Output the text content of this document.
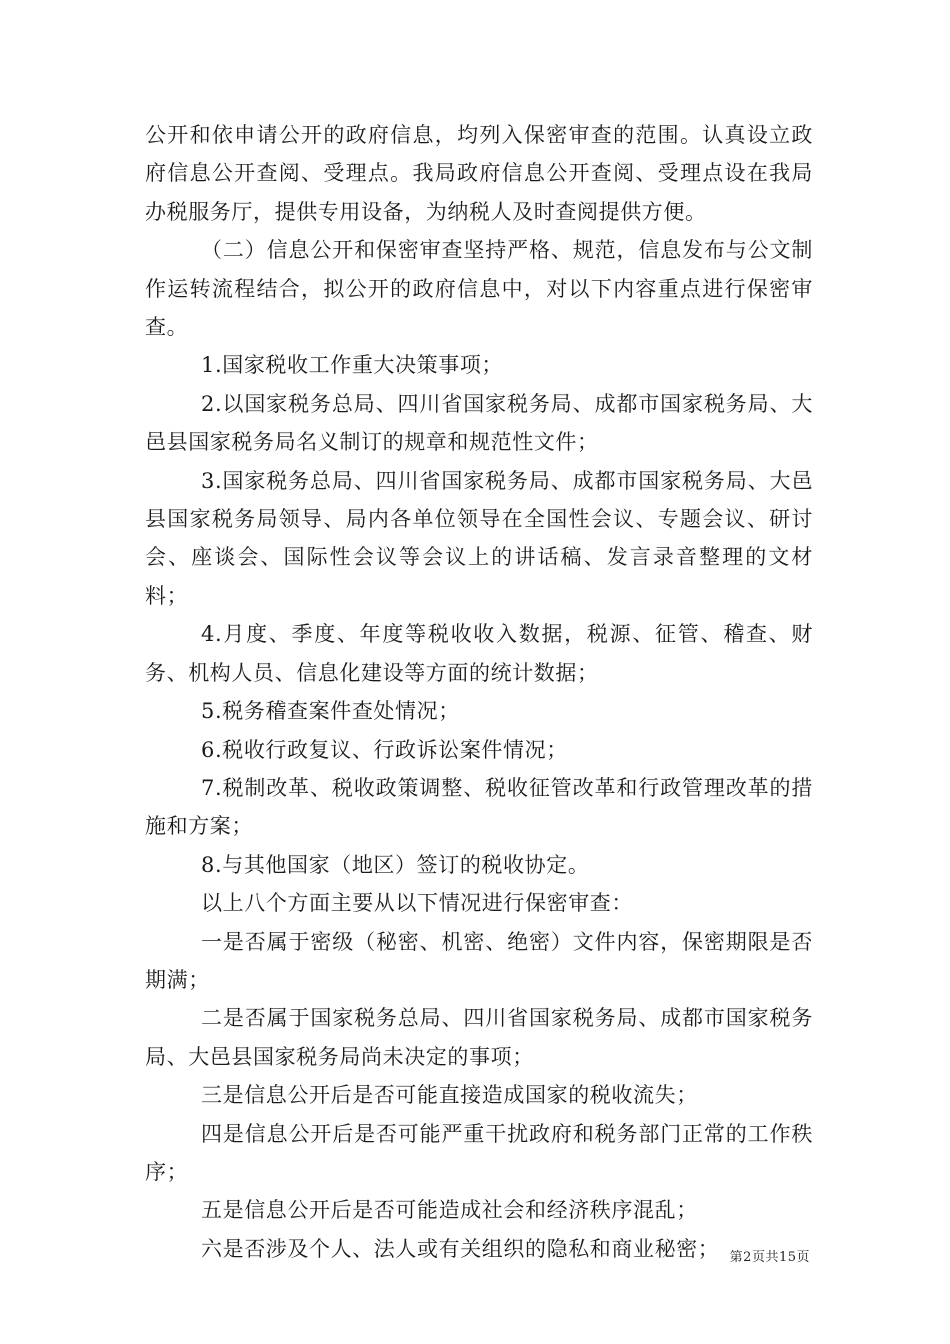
公开和依申请公开的政府信息，均列入保密审查的范围。认真设立政府信息公开查阅、受理点。我局政府信息公开查阅、受理点设在我局办税服务厅，提供专用设备，为纳税人及时查阅提供方便。

（二）信息公开和保密审查坚持严格、规范，信息发布与公文制作运转流程结合，拟公开的政府信息中，对以下内容重点进行保密审查。

1.国家税收工作重大决策事项；

2.以国家税务总局、四川省国家税务局、成都市国家税务局、大邑县国家税务局名义制订的规章和规范性文件；

3.国家税务总局、四川省国家税务局、成都市国家税务局、大邑县国家税务局领导、局内各单位领导在全国性会议、专题会议、研讨会、座谈会、国际性会议等会议上的讲话稿、发言录音整理的文材料；

4.月度、季度、年度等税收收入数据，税源、征管、稽查、财务、机构人员、信息化建设等方面的统计数据；

5.税务稽查案件查处情况；

6.税收行政复议、行政诉讼案件情况；

7.税制改革、税收政策调整、税收征管改革和行政管理改革的措施和方案；

8.与其他国家（地区）签订的税收协定。

以上八个方面主要从以下情况进行保密审查：

一是否属于密级（秘密、机密、绝密）文件内容，保密期限是否期满；

二是否属于国家税务总局、四川省国家税务局、成都市国家税务局、大邑县国家税务局尚未决定的事项；

三是信息公开后是否可能直接造成国家的税收流失；

四是信息公开后是否可能严重干扰政府和税务部门正常的工作秩序；

五是信息公开后是否可能造成社会和经济秩序混乱；

六是否涉及个人、法人或有关组织的隐私和商业秘密； 第2页共15页
